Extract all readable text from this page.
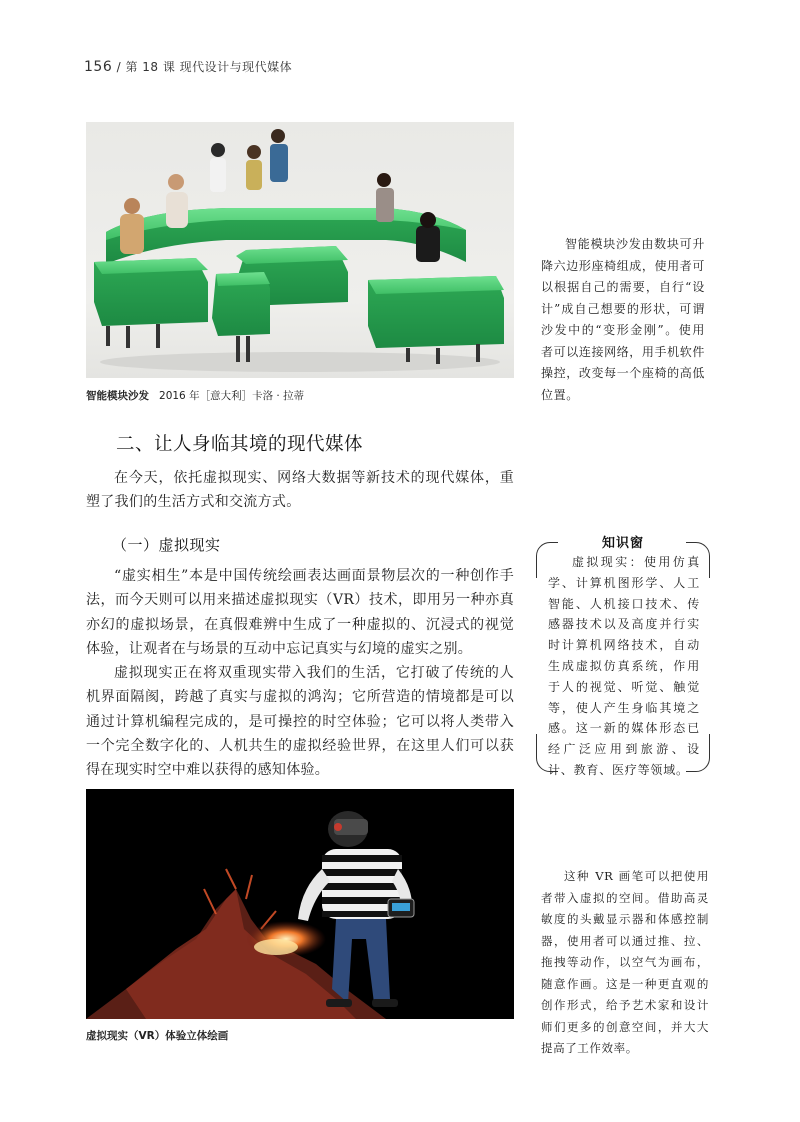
156 / 第 18 课 现代设计与现代媒体
智能模块沙发 2016 年［意大利］卡洛 · 拉蒂
智能模块沙发由数块可升降六边形座椅组成，使用者可以根据自己的需要，自行“设计”成自己想要的形状，可谓沙发中的“变形金刚”。使用者可以连接网络，用手机软件操控，改变每一个座椅的高低位置。
二、让人身临其境的现代媒体
在今天，依托虚拟现实、网络大数据等新技术的现代媒体，重塑了我们的生活方式和交流方式。
（一）虚拟现实
“虚实相生”本是中国传统绘画表达画面景物层次的一种创作手法，而今天则可以用来描述虚拟现实（VR）技术，即用另一种亦真亦幻的虚拟场景，在真假难辨中生成了一种虚拟的、沉浸式的视觉体验，让观者在与场景的互动中忘记真实与幻境的虚实之别。
虚拟现实正在将双重现实带入我们的生活，它打破了传统的人机界面隔阂，跨越了真实与虚拟的鸿沟；它所营造的情境都是可以通过计算机编程完成的，是可操控的时空体验；它可以将人类带入一个完全数字化的、人机共生的虚拟经验世界，在这里人们可以获得在现实时空中难以获得的感知体验。
知识窗
虚拟现实：使用仿真学、计算机图形学、人工智能、人机接口技术、传感器技术以及高度并行实时计算机网络技术，自动生成虚拟仿真系统，作用于人的视觉、听觉、触觉等，使人产生身临其境之感。这一新的媒体形态已经广泛应用到旅游、设计、教育、医疗等领域。
虚拟现实（VR）体验立体绘画
这种 VR 画笔可以把使用者带入虚拟的空间。借助高灵敏度的头戴显示器和体感控制器，使用者可以通过推、拉、拖拽等动作，以空气为画布，随意作画。这是一种更直观的创作形式，给予艺术家和设计师们更多的创意空间，并大大提高了工作效率。
